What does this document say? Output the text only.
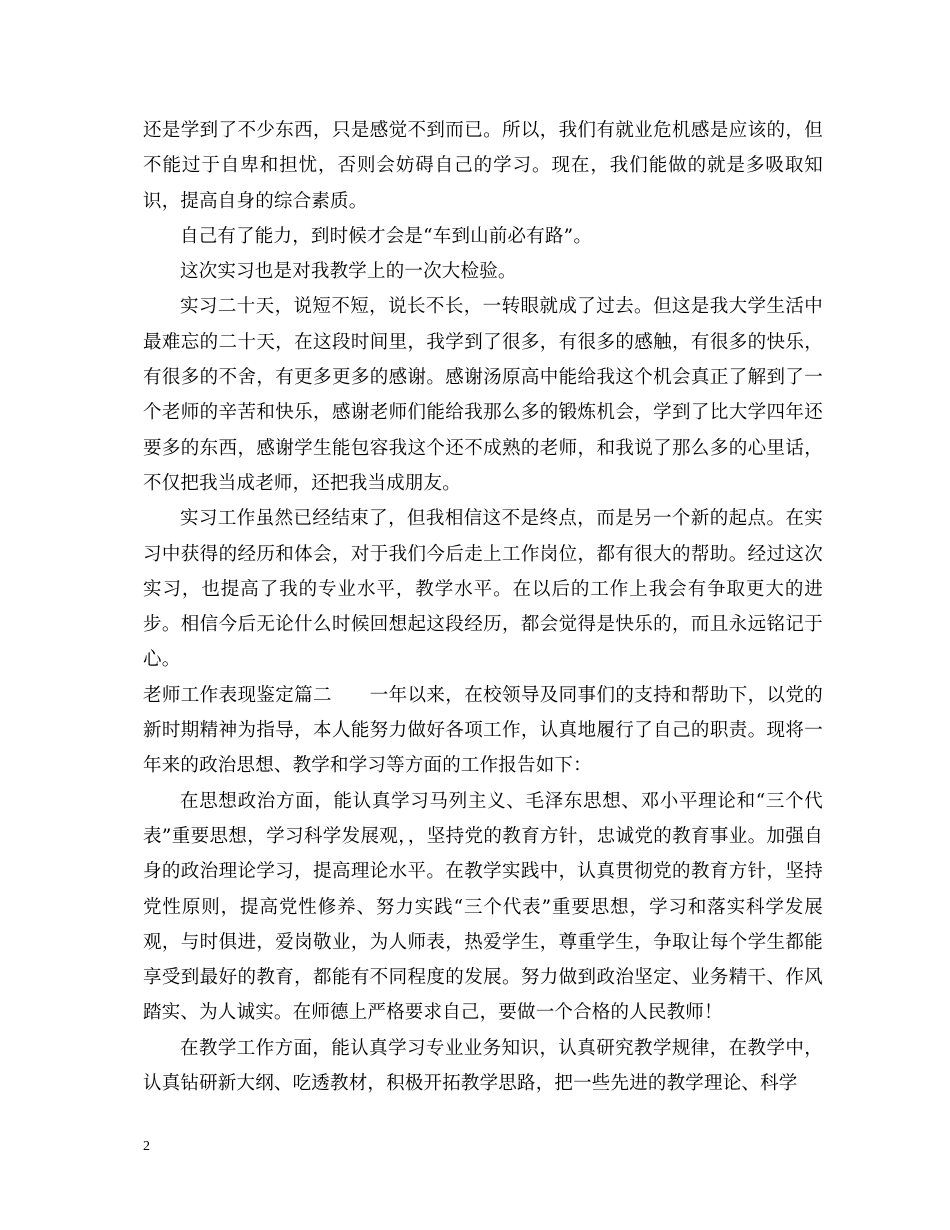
还是学到了不少东西，只是感觉不到而已。所以，我们有就业危机感是应该的，但不能过于自卑和担忧，否则会妨碍自己的学习。现在，我们能做的就是多吸取知识，提高自身的综合素质。

自己有了能力，到时候才会是“车到山前必有路”。

这次实习也是对我教学上的一次大检验。

实习二十天，说短不短，说长不长，一转眼就成了过去。但这是我大学生活中最难忘的二十天，在这段时间里，我学到了很多，有很多的感触，有很多的快乐，有很多的不舍，有更多更多的感谢。感谢汤原高中能给我这个机会真正了解到了一个老师的辛苦和快乐，感谢老师们能给我那么多的锻炼机会，学到了比大学四年还要多的东西，感谢学生能包容我这个还不成熟的老师，和我说了那么多的心里话，不仅把我当成老师，还把我当成朋友。

实习工作虽然已经结束了，但我相信这不是终点，而是另一个新的起点。在实习中获得的经历和体会，对于我们今后走上工作岗位，都有很大的帮助。经过这次实习，也提高了我的专业水平，教学水平。在以后的工作上我会有争取更大的进步。相信今后无论什么时候回想起这段经历，都会觉得是快乐的，而且永远铭记于心。

老师工作表现鉴定篇二　　一年以来，在校领导及同事们的支持和帮助下，以党的新时期精神为指导，本人能努力做好各项工作，认真地履行了自己的职责。现将一年来的政治思想、教学和学习等方面的工作报告如下：

在思想政治方面，能认真学习马列主义、毛泽东思想、邓小平理论和“三个代表”重要思想，学习科学发展观，，坚持党的教育方针，忠诚党的教育事业。加强自身的政治理论学习，提高理论水平。在教学实践中，认真贯彻党的教育方针，坚持党性原则，提高党性修养、努力实践“三个代表”重要思想，学习和落实科学发展观，与时俱进，爱岗敬业，为人师表，热爱学生，尊重学生，争取让每个学生都能享受到最好的教育，都能有不同程度的发展。努力做到政治坚定、业务精干、作风踏实、为人诚实。在师德上严格要求自己，要做一个合格的人民教师！

在教学工作方面，能认真学习专业业务知识，认真研究教学规律，在教学中，认真钻研新大纲、吃透教材，积极开拓教学思路，把一些先进的教学理论、科学

2
